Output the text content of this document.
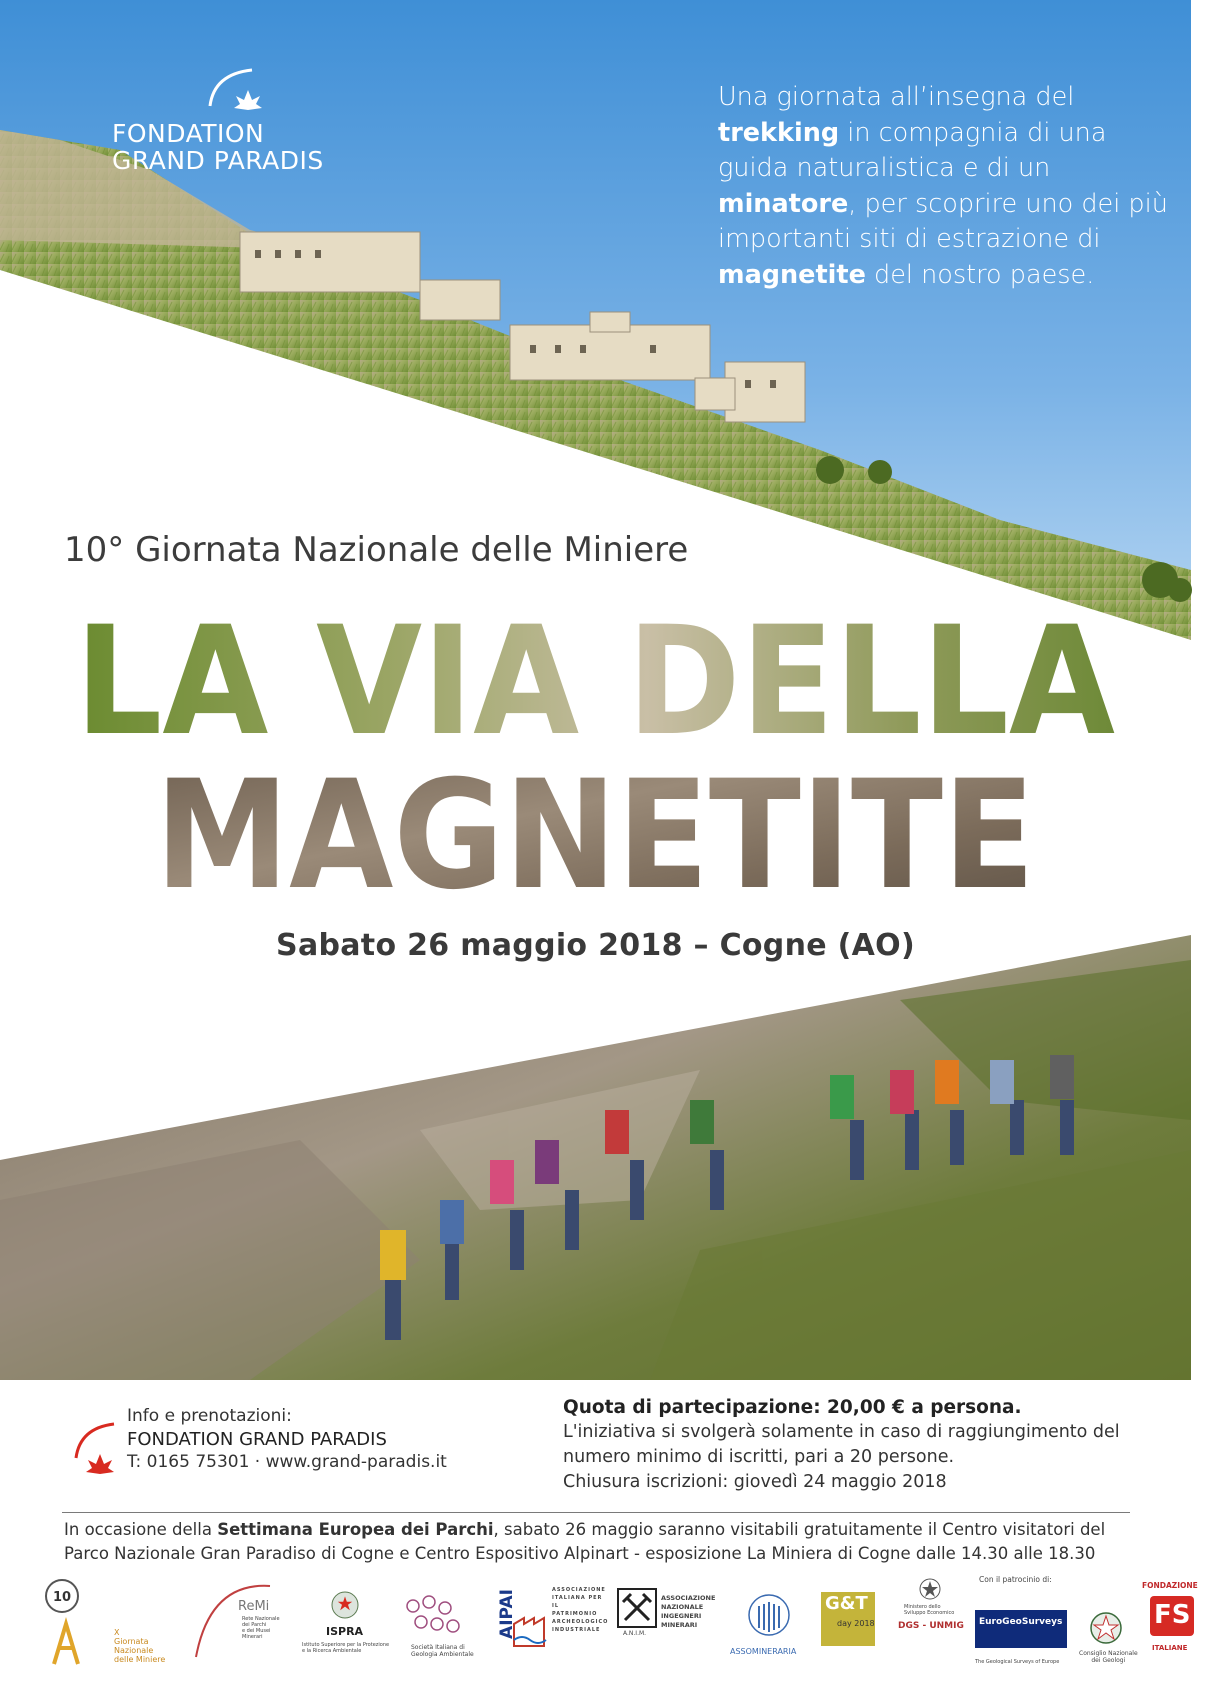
FONDATION
GRAND PARADIS
Una giornata all’insegna del
trekking in compagnia di una guida naturalistica e di un minatore, per scoprire uno dei più importanti siti di estrazione di magnetite del nostro paese.
10° Giornata Nazionale delle Miniere
LA VIA DELLA
MAGNETITE
Sabato 26 maggio 2018 – Cogne (AO)
Info e prenotazioni:
FONDATION GRAND PARADIS
T: 0165 75301 · www.grand-paradis.it
Quota di partecipazione: 20,00 € a persona.
L'iniziativa si svolgerà solamente in caso di raggiungimento del
numero minimo di iscritti, pari a 20 persone.
Chiusura iscrizioni: giovedì 24 maggio 2018
In occasione della Settimana Europea dei Parchi, sabato 26 maggio saranno visitabili gratuitamente il Centro visitatori del Parco Nazionale Gran Paradiso di Cogne e Centro Espositivo Alpinart - esposizione La Miniera di Cogne dalle 14.30 alle 18.30
10
X
Giornata Nazionale
delle Miniere
ReMi
Rete Nazionale
dei Parchi
e dei Musei
Minerari	ISPRA
Istituto Superiore per la Protezione
e la Ricerca Ambientale	Società Italiana di Geologia Ambientale
AIPAI	ASSOCIAZIONE
ITALIANA PER IL
PATRIMONIO
ARCHEOLOGICO
INDUSTRIALE	A.N.I.M.
ASSOCIAZIONE
NAZIONALE
INGEGNERI
MINERARI
ASSOMINERARIA
G&T
day 2018
Ministero dello
Sviluppo Economico
DGS - UNMIG
Con il patrocinio di:
EuroGeoSurveys
The Geological Surveys of Europe
Consiglio Nazionale
dei Geologi
FONDAZIONE
FS
ITALIANE
